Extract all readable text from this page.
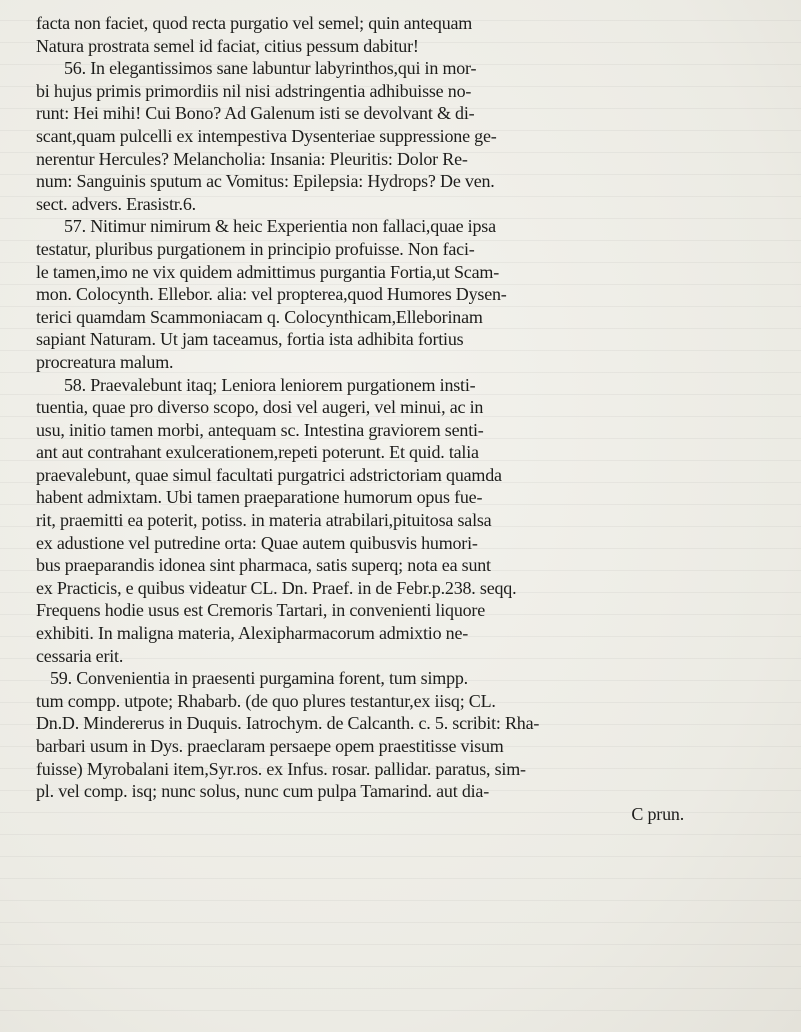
facta non faciet, quod recta purgatio vel semel; quin antequam
Natura prostrata semel id faciat, citius pessum dabitur!
56. In elegantissimos sane labuntur labyrinthos,qui in mor-
bi hujus primis primordiis nil nisi adstringentia adhibuisse no-
runt: Hei mihi! Cui Bono? Ad Galenum isti se devolvant & di-
scant,quam pulcelli ex intempestiva Dysenteriae suppressione ge-
nerentur Hercules? Melancholia: Insania: Pleuritis: Dolor Re-
num: Sanguinis sputum ac Vomitus: Epilepsia: Hydrops? De ven.
sect. advers. Erasistr.6.
57. Nitimur nimirum & heic Experientia non fallaci,quae ipsa
testatur, pluribus purgationem in principio profuisse. Non faci-
le tamen,imo ne vix quidem admittimus purgantia Fortia,ut Scam-
mon. Colocynth. Ellebor. alia: vel propterea,quod Humores Dysen-
terici quamdam Scammoniacam q. Colocynthicam,Elleborinam
sapiant Naturam. Ut jam taceamus, fortia ista adhibita fortius
procreatura malum.
58. Praevalebunt itaq; Leniora leniorem purgationem insti-
tuentia, quae pro diverso scopo, dosi vel augeri, vel minui, ac in
usu, initio tamen morbi, antequam sc. Intestina graviorem senti-
ant aut contrahant exulcerationem,repeti poterunt. Et quid. talia
praevalebunt, quae simul facultati purgatrici adstrictoriam quamda
habent admixtam. Ubi tamen praeparatione humorum opus fue-
rit, praemitti ea poterit, potiss. in materia atrabilari,pituitosa salsa
ex adustione vel putredine orta: Quae autem quibusvis humori-
bus praeparandis idonea sint pharmaca, satis superq; nota ea sunt
ex Practicis, e quibus videatur CL. Dn. Praef. in de Febr.p.238. seqq.
Frequens hodie usus est Cremoris Tartari, in convenienti liquore
exhibiti. In maligna materia, Alexipharmacorum admixtio ne-
cessaria erit.
59. Convenientia in praesenti purgamina forent, tum simpp.
tum compp. utpote; Rhabarb. (de quo plures testantur,ex iisq; CL.
Dn.D. Mindererus in Duquis. Iatrochym. de Calcanth. c. 5. scribit: Rha-
barbari usum in Dys. praeclaram persaepe opem praestitisse visum
fuisse) Myrobalani item,Syr.ros. ex Infus. rosar. pallidar. paratus, sim-
pl. vel comp. isq; nunc solus, nunc cum pulpa Tamarind. aut dia-
C prun.
